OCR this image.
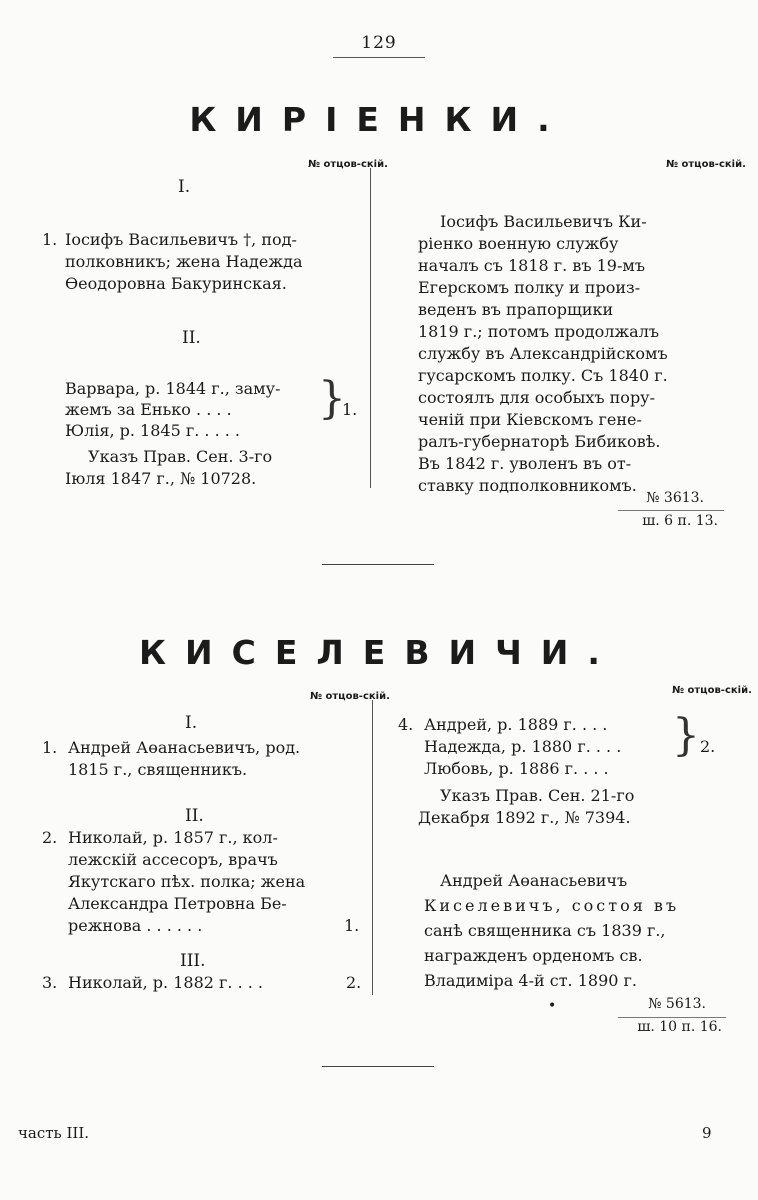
129
КИРІЕНКИ.
№ отцов-скій.	№ отцов-скій.
I.
1. Іосифъ Васильевичъ †, под-
полковникъ; жена Надежда
Өеодоровна Бакуринская.
II.
Варвара, р. 1844 г., заму-
жемъ за Енько . . . .
Юлія, р. 1845 г. . . . .
}
1.
Указъ Прав. Сен. 3-го
Іюля 1847 г., № 10728.
Іосифъ Васильевичъ Ки-
ріенко военную службу
началъ съ 1818 г. въ 19-мъ
Егерскомъ полку и произ-
веденъ въ прапорщики
1819 г.; потомъ продолжалъ
службу въ Александрійскомъ
гусарскомъ полку. Съ 1840 г.
состоялъ для особыхъ пору-
ченій при Кіевскомъ гене-
ралъ-губернаторѣ Бибиковѣ.
Въ 1842 г. уволенъ въ от-
ставку подполковникомъ.
№ 3613.
ш. 6 п. 13.
КИСЕЛЕВИЧИ.
№ отцов-скій.
№ отцов-скій.
I.
1. Андрей Аөанасьевичъ, род.
1815 г., священникъ.
II.
2. Николай, р. 1857 г., кол-
лежскій ассесоръ, врачъ
Якутскаго пѣх. полка; жена
Александра Петровна Бе-
режнова . . . . . .	1.
III.
3. Николай, р. 1882 г. . . .	2.
4. Андрей, р. 1889 г. . . .
Надежда, р. 1880 г. . . .
Любовь, р. 1886 г. . . .
} 2.
Указъ Прав. Сен. 21-го
Декабря 1892 г., № 7394.
Андрей Аөанасьевичъ
Киселевичъ, состоя въ
санѣ священника съ 1839 г.,
награжденъ орденомъ св.
Владиміра 4-й ст. 1890 г.
•	№ 5613.
ш. 10 п. 16.
часть III.	9
